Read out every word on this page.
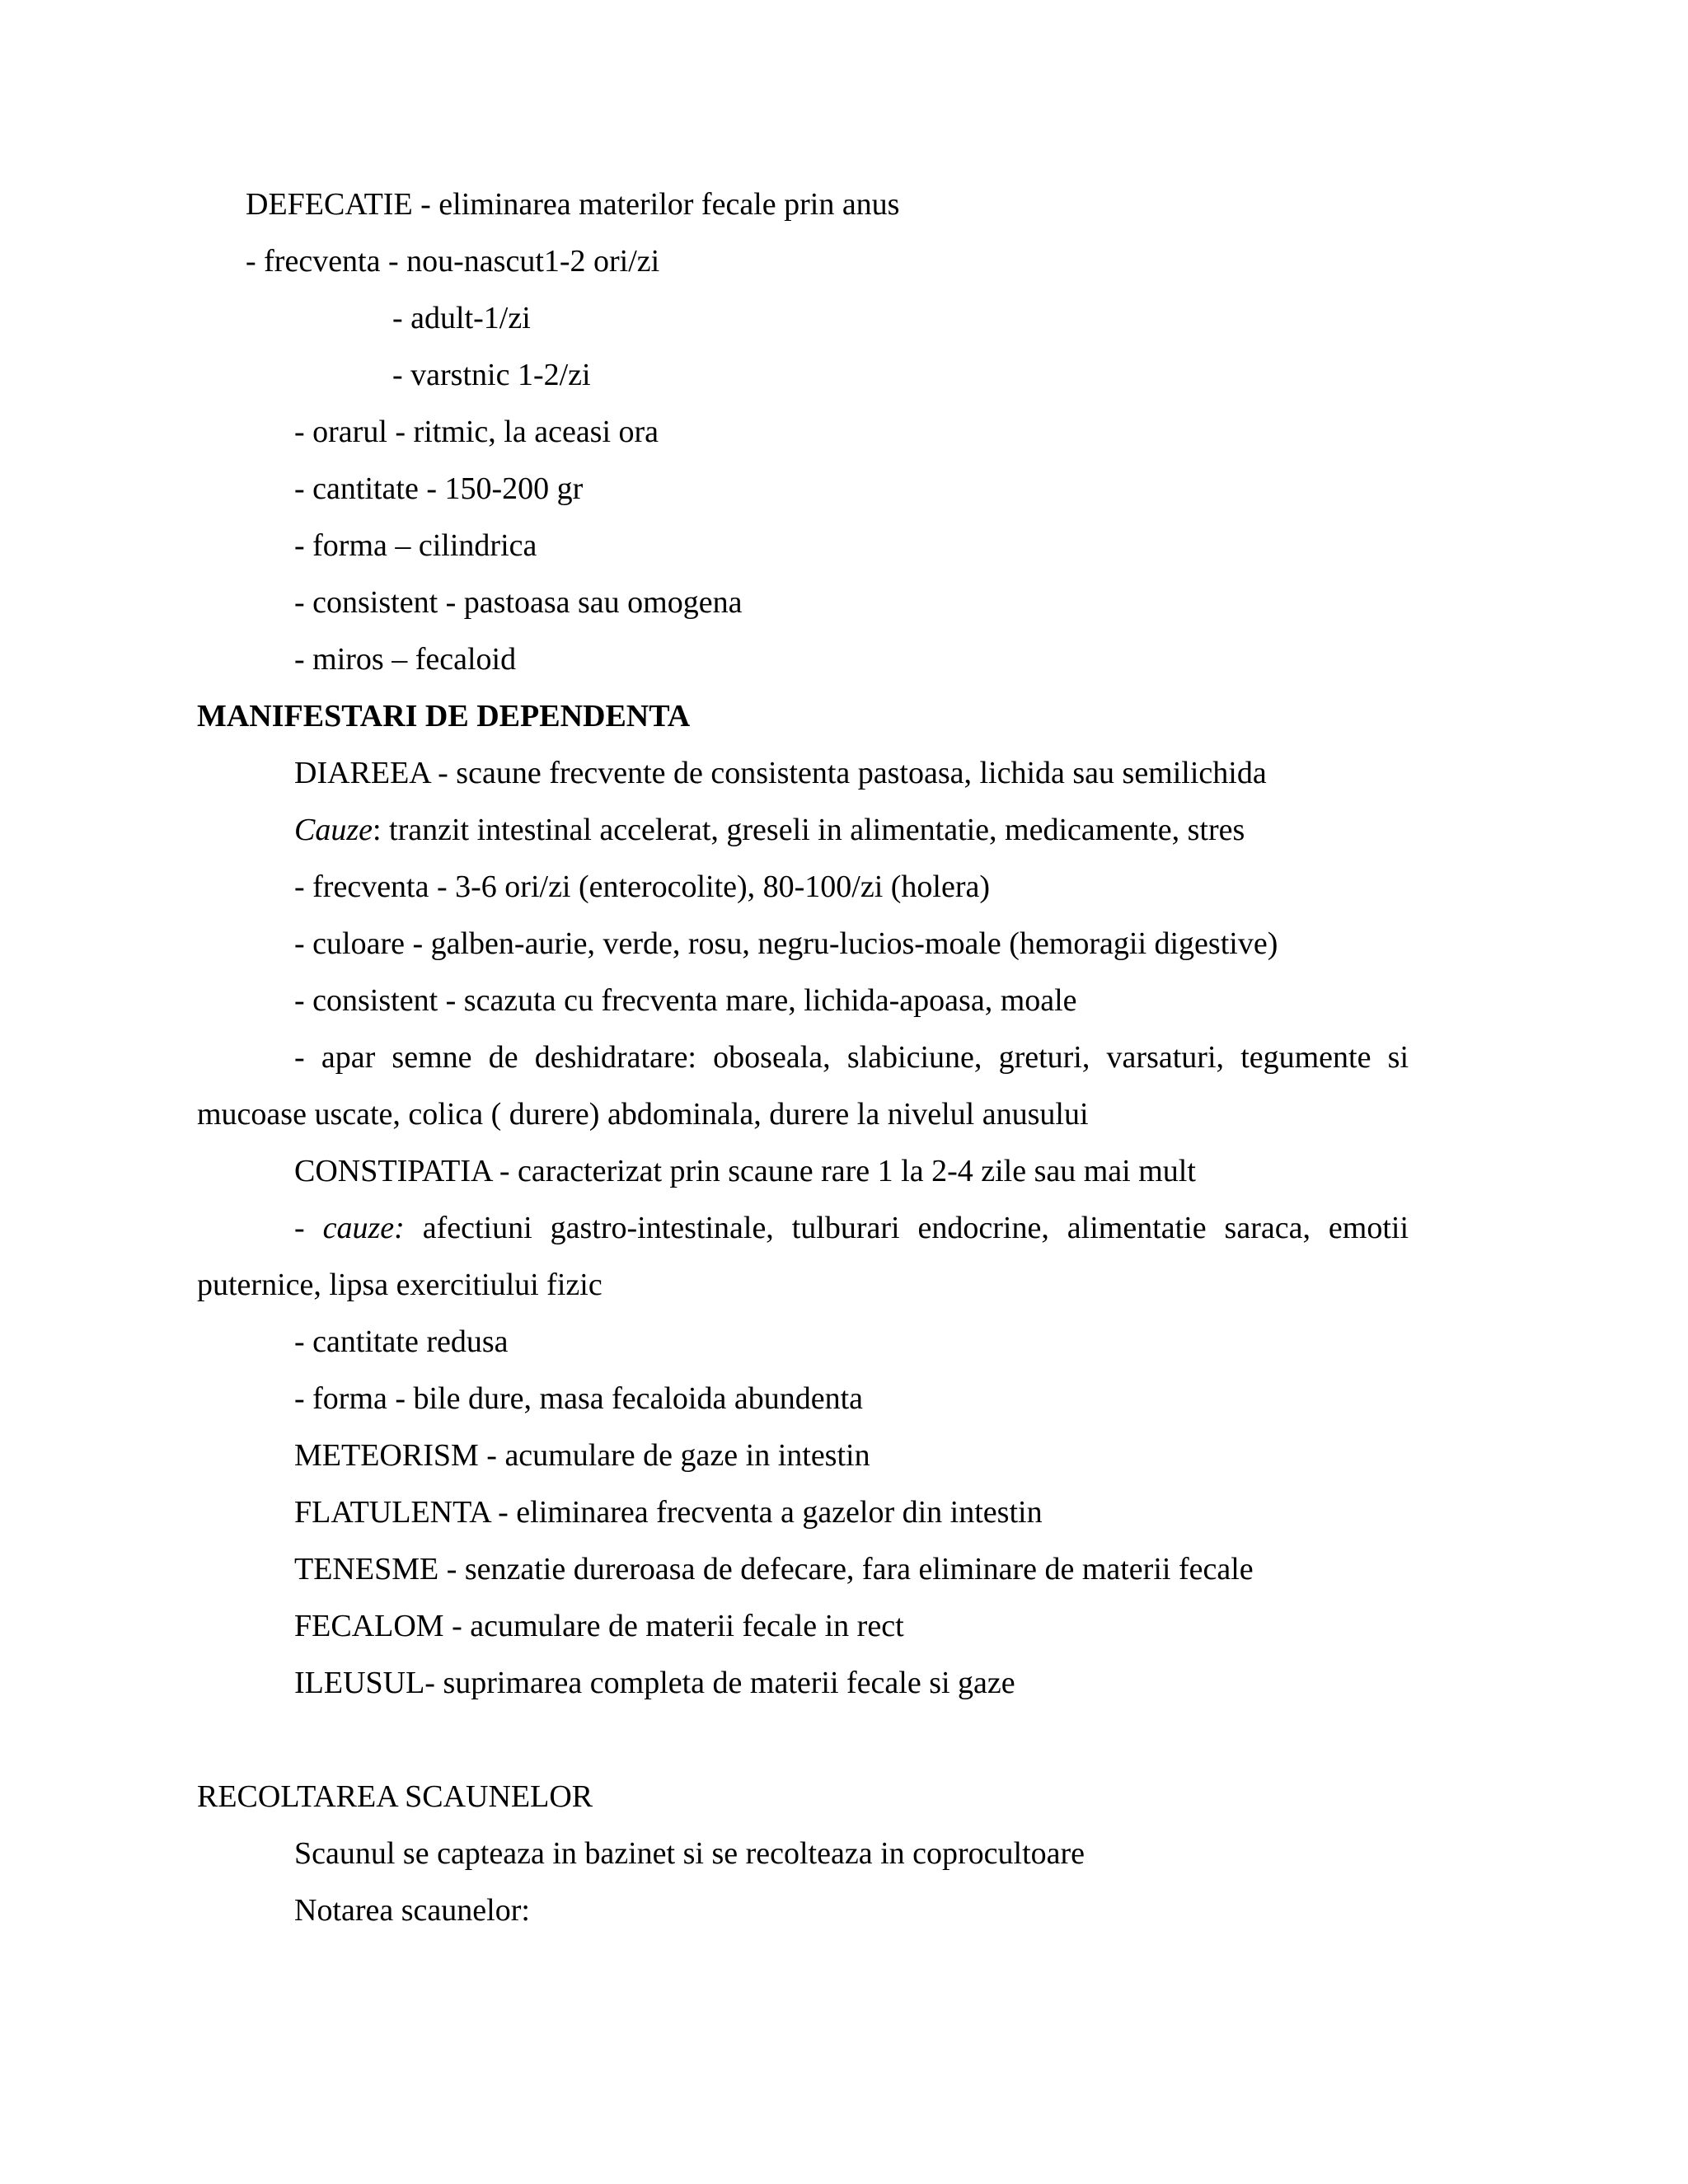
DEFECATIE - eliminarea materilor fecale prin anus
- frecventa - nou-nascut1-2 ori/zi
- adult-1/zi
- varstnic 1-2/zi
- orarul - ritmic, la aceasi ora
- cantitate - 150-200 gr
- forma – cilindrica
- consistent - pastoasa sau omogena
- miros – fecaloid
MANIFESTARI DE DEPENDENTA
DIAREEA - scaune frecvente de consistenta pastoasa, lichida sau semilichida
Cauze: tranzit intestinal accelerat, greseli in alimentatie, medicamente, stres
- frecventa - 3-6 ori/zi (enterocolite), 80-100/zi (holera)
- culoare - galben-aurie, verde, rosu, negru-lucios-moale (hemoragii digestive)
- consistent - scazuta cu frecventa mare, lichida-apoasa, moale
- apar semne de deshidratare: oboseala, slabiciune, greturi, varsaturi, tegumente si
mucoase uscate, colica ( durere) abdominala, durere la nivelul anusului
CONSTIPATIA - caracterizat prin scaune rare 1 la 2-4 zile sau mai mult
- cauze: afectiuni gastro-intestinale, tulburari endocrine, alimentatie saraca, emotii
puternice, lipsa exercitiului fizic
- cantitate redusa
- forma - bile dure, masa fecaloida abundenta
METEORISM - acumulare de gaze in intestin
FLATULENTA - eliminarea frecventa a gazelor din intestin
TENESME - senzatie dureroasa de defecare, fara eliminare de materii fecale
FECALOM - acumulare de materii fecale in rect
ILEUSUL- suprimarea completa de materii fecale si gaze
RECOLTAREA SCAUNELOR
Scaunul se capteaza in bazinet si se recolteaza in coprocultoare
Notarea scaunelor:
